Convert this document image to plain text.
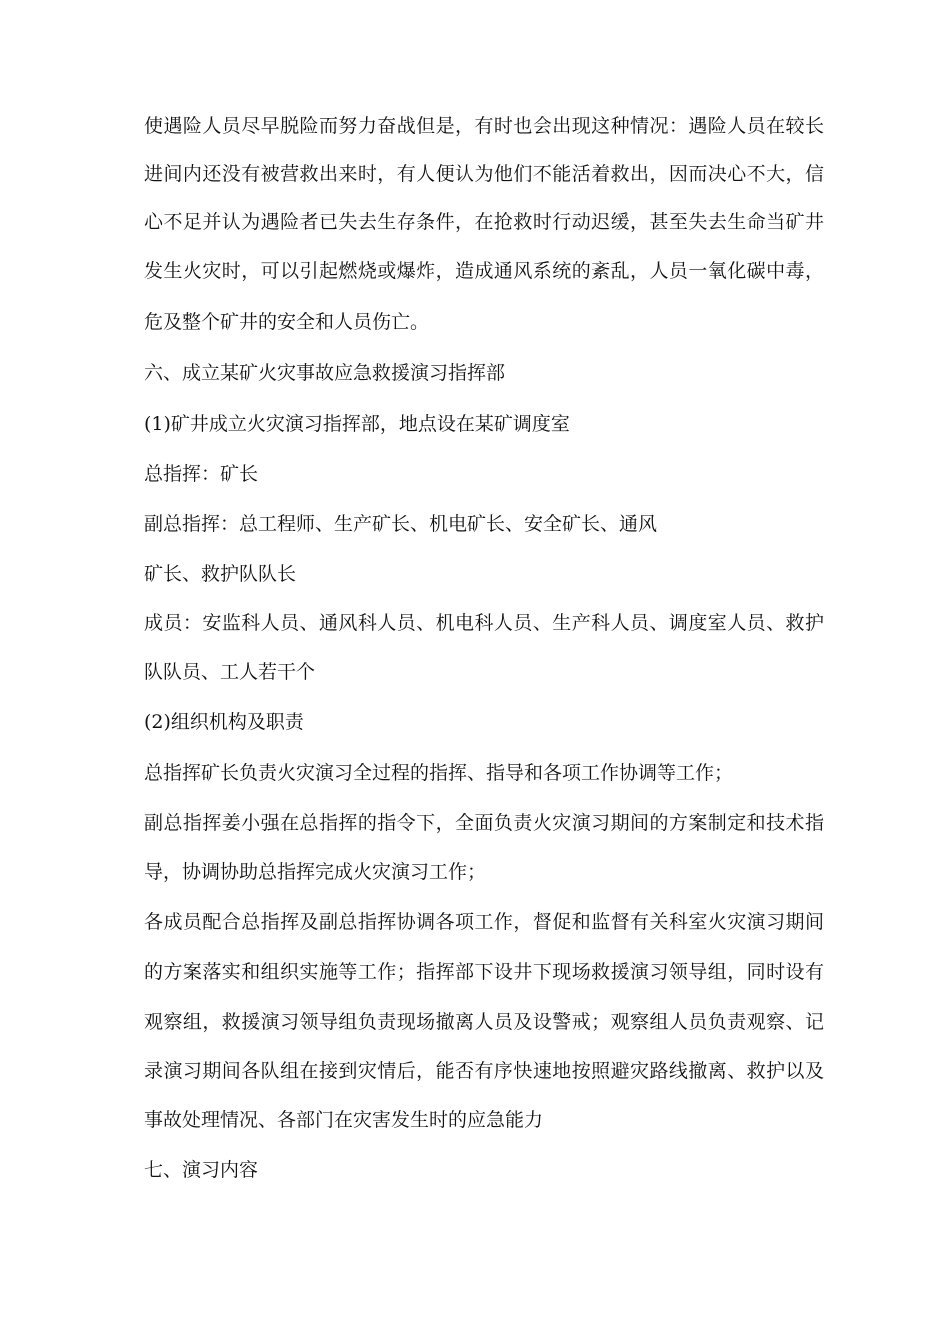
使遇险人员尽早脱险而努力奋战但是，有时也会出现这种情况：遇险人员在较长
进间内还没有被营救出来时，有人便认为他们不能活着救出，因而决心不大，信
心不足并认为遇险者已失去生存条件，在抢救时行动迟缓，甚至失去生命当矿井
发生火灾时，可以引起燃烧或爆炸，造成通风系统的紊乱，人员一氧化碳中毒，
危及整个矿井的安全和人员伤亡。
六、成立某矿火灾事故应急救援演习指挥部
(1)矿井成立火灾演习指挥部，地点设在某矿调度室
总指挥：矿长
副总指挥：总工程师、生产矿长、机电矿长、安全矿长、通风
矿长、救护队队长
成员：安监科人员、通风科人员、机电科人员、生产科人员、调度室人员、救护
队队员、工人若干个
(2)组织机构及职责
总指挥矿长负责火灾演习全过程的指挥、指导和各项工作协调等工作；
副总指挥姜小强在总指挥的指令下，全面负责火灾演习期间的方案制定和技术指
导，协调协助总指挥完成火灾演习工作；
各成员配合总指挥及副总指挥协调各项工作，督促和监督有关科室火灾演习期间
的方案落实和组织实施等工作；指挥部下设井下现场救援演习领导组，同时设有
观察组，救援演习领导组负责现场撤离人员及设警戒；观察组人员负责观察、记
录演习期间各队组在接到灾情后，能否有序快速地按照避灾路线撤离、救护以及
事故处理情况、各部门在灾害发生时的应急能力
七、演习内容
